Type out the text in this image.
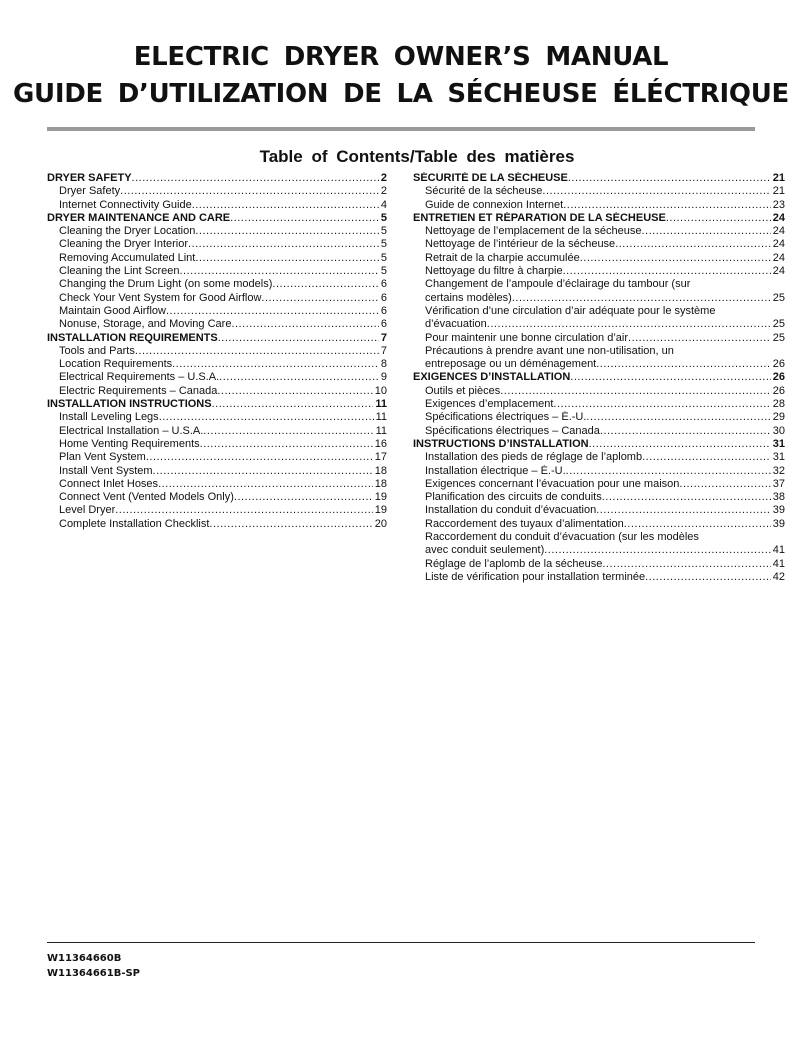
ELECTRIC DRYER OWNER’S MANUAL
GUIDE D’UTILIZATION DE LA SÉCHEUSE ÉLÉCTRIQUE
Table of Contents/Table des matières
DRYER SAFETY .....	2
Dryer Safety .....	2
Internet Connectivity Guide .....	4
DRYER MAINTENANCE AND CARE .....	5
Cleaning the Dryer Location .....	5
Cleaning the Dryer Interior .....	5
Removing Accumulated Lint .....	5
Cleaning the Lint Screen .....	5
Changing the Drum Light (on some models) .....	6
Check Your Vent System for Good Airflow .....	6
Maintain Good Airflow .....	6
Nonuse, Storage, and Moving Care .....	6
INSTALLATION REQUIREMENTS .....	7
Tools and Parts .....	7
Location Requirements .....	8
Electrical Requirements – U.S.A. .....	9
Electric Requirements – Canada .....	10
INSTALLATION INSTRUCTIONS .....	11
Install Leveling Legs .....	11
Electrical Installation – U.S.A. .....	11
Home Venting Requirements .....	16
Plan Vent System .....	17
Install Vent System .....	18
Connect Inlet Hoses .....	18
Connect Vent (Vented Models Only) .....	19
Level Dryer .....	19
Complete Installation Checklist .....	20
SÉCURITÉ DE LA SÉCHEUSE .....	21
Sécurité de la sécheuse .....	21
Guide de connexion Internet .....	23
ENTRETIEN ET RÉPARATION DE LA SÉCHEUSE .....	24
Nettoyage de l’emplacement de la sécheuse .....	24
Nettoyage de l’intérieur de la sécheuse .....	24
Retrait de la charpie accumulée .....	24
Nettoyage du filtre à charpie .....	24
Changement de l’ampoule d’éclairage du tambour (sur
certains modèles) .....	25
Vérification d’une circulation d’air adéquate pour le système
d’évacuation .....	25
Pour maintenir une bonne circulation d’air .....	25
Précautions à prendre avant une non-utilisation, un
entreposage ou un déménagement .....	26
EXIGENCES D’INSTALLATION .....	26
Outils et pièces .....	26
Exigences d’emplacement .....	28
Spécifications électriques – É.-U. .....	29
Spécifications électriques – Canada .....	30
INSTRUCTIONS D’INSTALLATION .....	31
Installation des pieds de réglage de l’aplomb .....	31
Installation électrique – É.-U. .....	32
Exigences concernant l’évacuation pour une maison .....	37
Planification des circuits de conduits .....	38
Installation du conduit d’évacuation .....	39
Raccordement des tuyaux d’alimentation .....	39
Raccordement du conduit d’évacuation (sur les modèles
avec conduit seulement) .....	41
Réglage de l’aplomb de la sécheuse .....	41
Liste de vérification pour installation terminée .....	42
W11364660B
W11364661B-SP
